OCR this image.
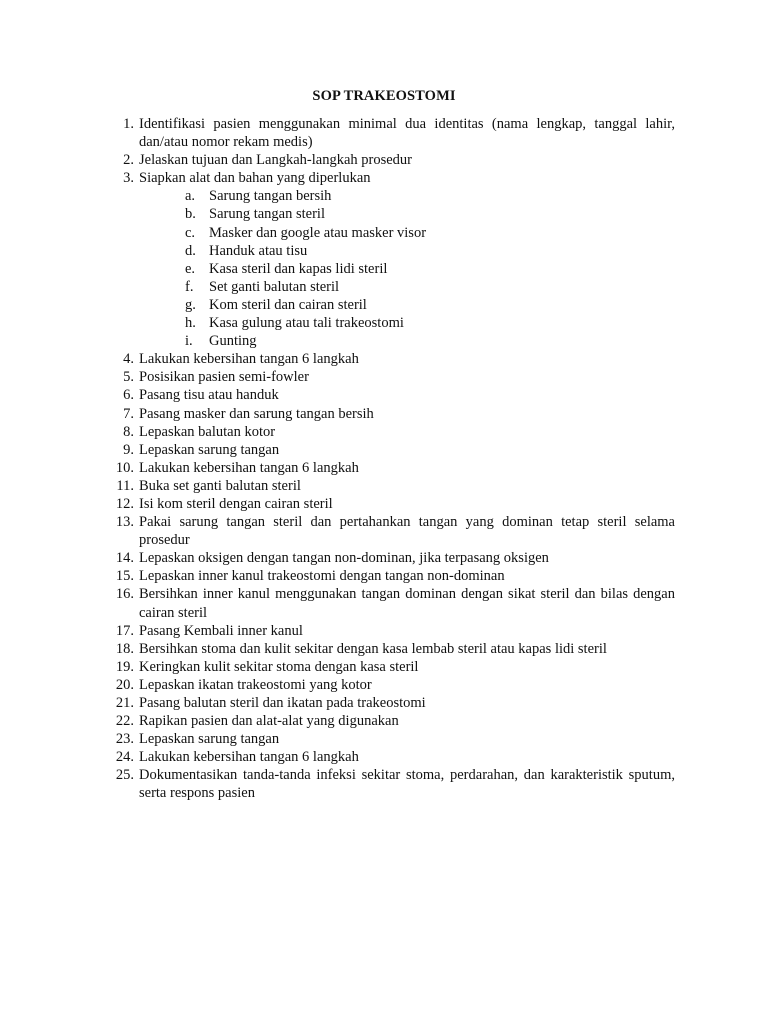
SOP TRAKEOSTOMI
1. Identifikasi pasien menggunakan minimal dua identitas (nama lengkap, tanggal lahir, dan/atau nomor rekam medis)
2. Jelaskan tujuan dan Langkah-langkah prosedur
3. Siapkan alat dan bahan yang diperlukan
a. Sarung tangan bersih
b. Sarung tangan steril
c. Masker dan google atau masker visor
d. Handuk atau tisu
e. Kasa steril dan kapas lidi steril
f. Set ganti balutan steril
g. Kom steril dan cairan steril
h. Kasa gulung atau tali trakeostomi
i. Gunting
4. Lakukan kebersihan tangan 6 langkah
5. Posisikan pasien semi-fowler
6. Pasang tisu atau handuk
7. Pasang masker dan sarung tangan bersih
8. Lepaskan balutan kotor
9. Lepaskan sarung tangan
10. Lakukan kebersihan tangan 6 langkah
11. Buka set ganti balutan steril
12. Isi kom steril dengan cairan steril
13. Pakai sarung tangan steril dan pertahankan tangan yang dominan tetap steril selama prosedur
14. Lepaskan oksigen dengan tangan non-dominan, jika terpasang oksigen
15. Lepaskan inner kanul trakeostomi dengan tangan non-dominan
16. Bersihkan inner kanul menggunakan tangan dominan dengan sikat steril dan bilas dengan cairan steril
17. Pasang Kembali inner kanul
18. Bersihkan stoma dan kulit sekitar dengan kasa lembab steril atau kapas lidi steril
19. Keringkan kulit sekitar stoma dengan kasa steril
20. Lepaskan ikatan trakeostomi yang kotor
21. Pasang balutan steril dan ikatan pada trakeostomi
22. Rapikan pasien dan alat-alat yang digunakan
23. Lepaskan sarung tangan
24. Lakukan kebersihan tangan 6 langkah
25. Dokumentasikan tanda-tanda infeksi sekitar stoma, perdarahan, dan karakteristik sputum, serta respons pasien
